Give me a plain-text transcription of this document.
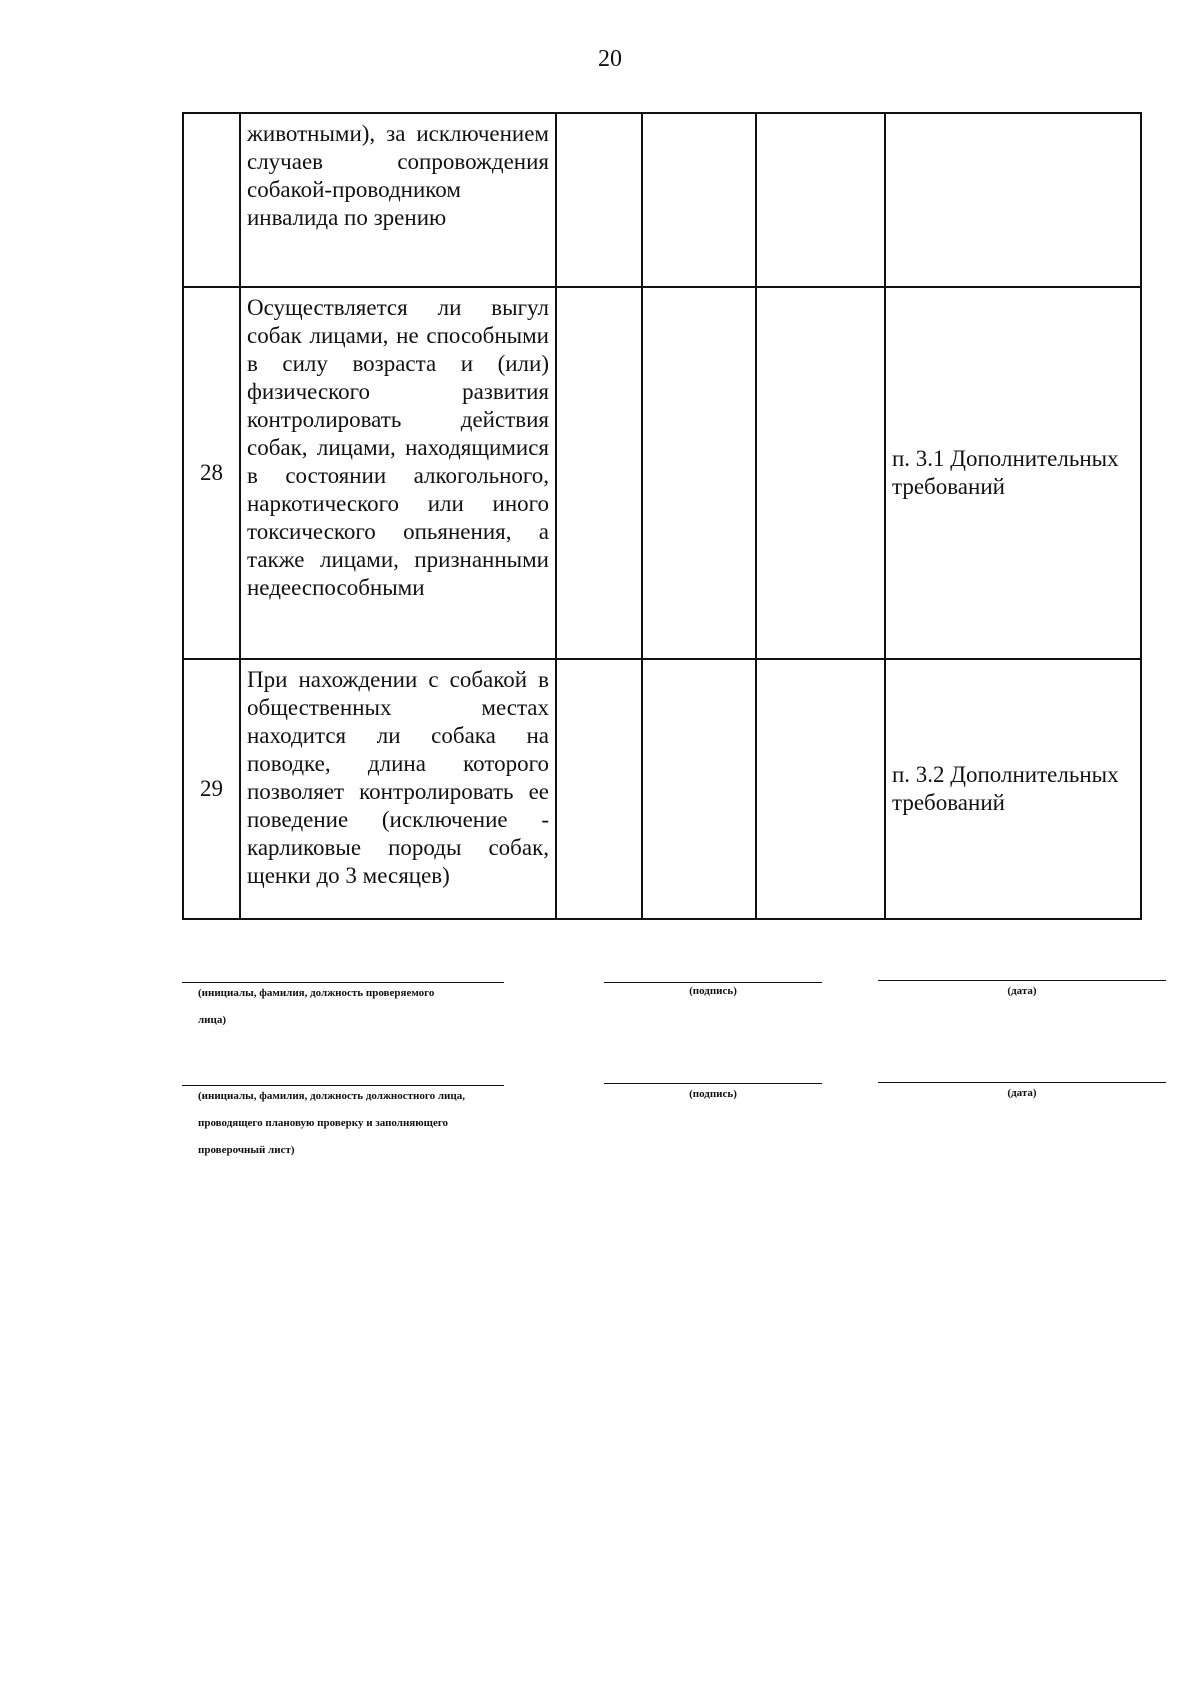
20

	животными), за исключением случаев сопровождения собакой-проводником инвалида по зрению				

28	Осуществляется ли выгул собак лицами, не способными в силу возраста и (или) физического развития контролировать действия собак, лицами, находящимися в состоянии алкогольного, наркотического или иного токсического опьянения, а также лицами, признанными недееспособными				п. 3.1 Дополнительных требований
29	При нахождении с собакой в общественных местах находится ли собака на поводке, длина которого позволяет контролировать ее поведение (исключение - карликовые породы собак, щенки до 3 месяцев)				п. 3.2 Дополнительных требований
(инициалы, фамилия, должность проверяемого лица)
(подпись)	(дата)
(инициалы, фамилия, должность должностного лица, проводящего плановую проверку и заполняющего проверочный лист)
(подпись)	(дата)
